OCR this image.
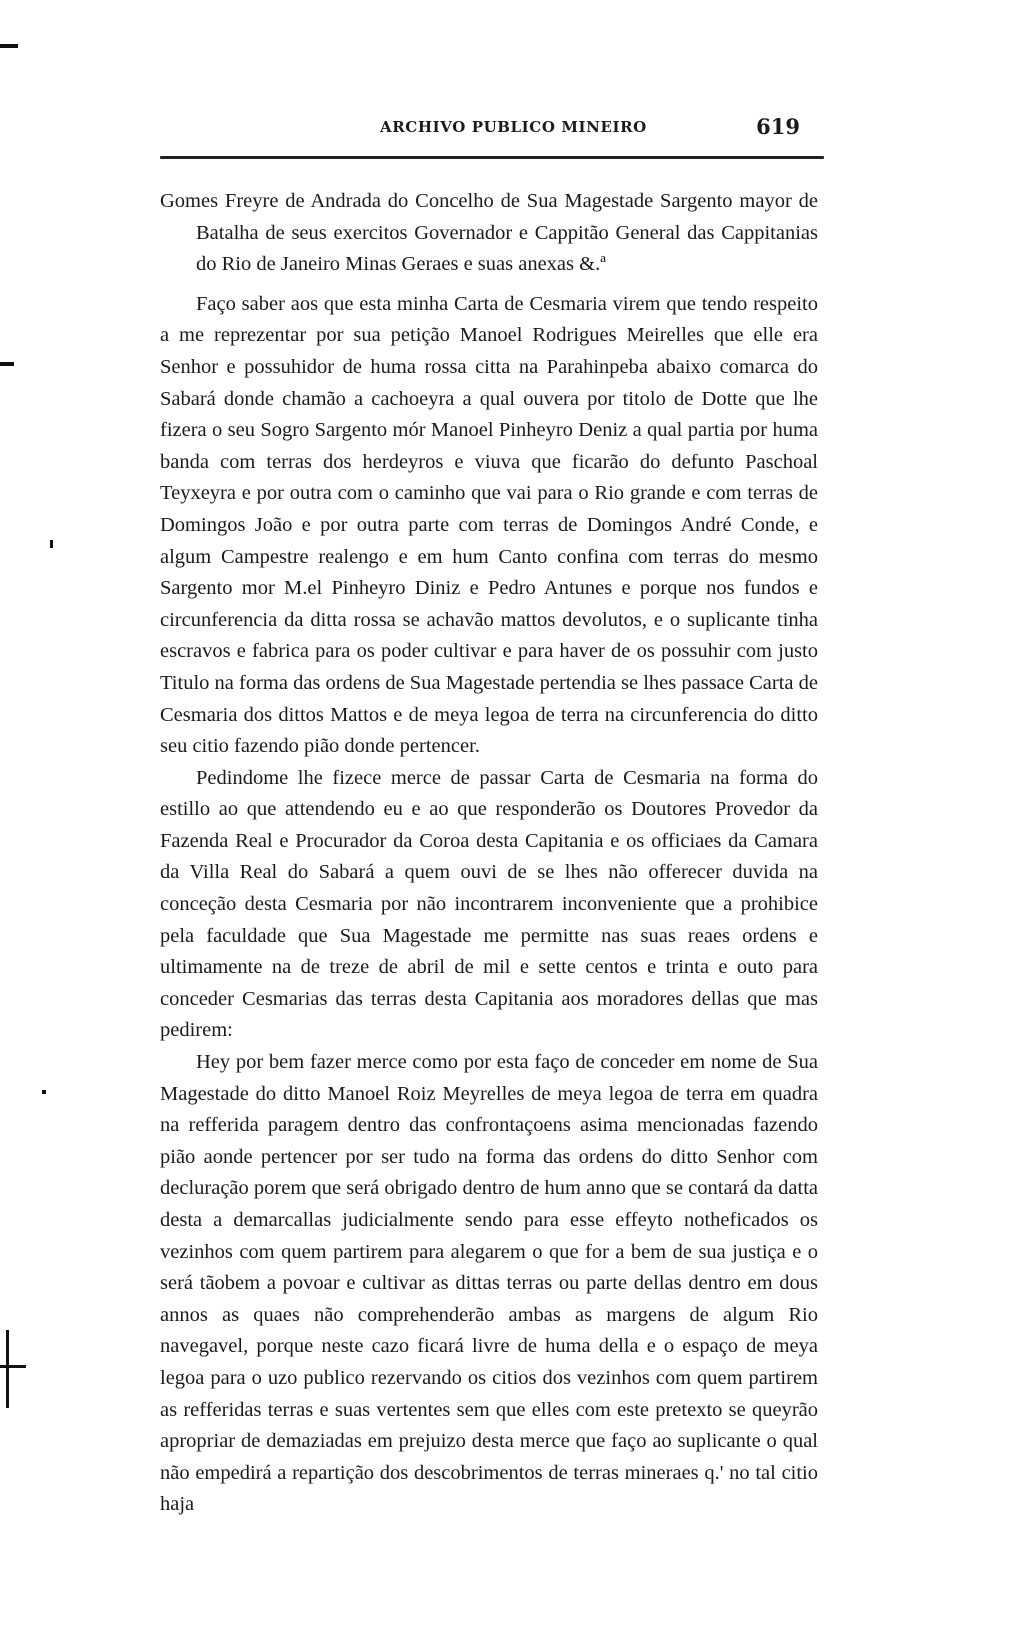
ARCHIVO PUBLICO MINEIRO	619

Gomes Freyre de Andrada do Concelho de Sua Magestade Sargento mayor de Batalha de seus exercitos Governador e Cappitão General das Cappitanias do Rio de Janeiro Minas Geraes e suas anexas &.ª

Faço saber aos que esta minha Carta de Cesmaria virem que tendo respeito a me reprezentar por sua petição Manoel Rodrigues Meirelles que elle era Senhor e possuhidor de huma rossa citta na Parahinpeba abaixo comarca do Sabará donde chamão a cachoeyra a qual ouvera por titolo de Dotte que lhe fizera o seu Sogro Sargento mór Manoel Pinheyro Deniz a qual partia por huma banda com terras dos herdeyros e viuva que ficarão do defunto Paschoal Teyxeyra e por outra com o caminho que vai para o Rio grande e com terras de Domingos João e por outra parte com terras de Domingos André Conde, e algum Campestre realengo e em hum Canto confina com terras do mesmo Sargento mor M.el Pinheyro Diniz e Pedro Antunes e porque nos fundos e circunferencia da ditta rossa se achavão mattos devolutos, e o suplicante tinha escravos e fabrica para os poder cultivar e para haver de os possuhir com justo Titulo na forma das ordens de Sua Magestade pertendia se lhes passace Carta de Cesmaria dos dittos Mattos e de meya legoa de terra na circunferencia do ditto seu citio fazendo pião donde pertencer.

Pedindome lhe fizece merce de passar Carta de Cesmaria na forma do estillo ao que attendendo eu e ao que responderão os Doutores Provedor da Fazenda Real e Procurador da Coroa desta Capitania e os officiaes da Camara da Villa Real do Sabará a quem ouvi de se lhes não offerecer duvida na conceção desta Cesmaria por não incontrarem inconveniente que a prohibice pela faculdade que Sua Magestade me permitte nas suas reaes ordens e ultimamente na de treze de abril de mil e sette centos e trinta e outo para conceder Cesmarias das terras desta Capitania aos moradores dellas que mas pedirem:

Hey por bem fazer merce como por esta faço de conceder em nome de Sua Magestade do ditto Manoel Roiz Meyrelles de meya legoa de terra em quadra na refferida paragem dentro das confrontaçoens asima mencionadas fazendo pião aonde pertencer por ser tudo na forma das ordens do ditto Senhor com decluração porem que será obrigado dentro de hum anno que se contará da datta desta a demarcallas judicialmente sendo para esse effeyto notheficados os vezinhos com quem partirem para alegarem o que for a bem de sua justiça e o será tãobem a povoar e cultivar as dittas terras ou parte dellas dentro em dous annos as quaes não comprehenderão ambas as margens de algum Rio navegavel, porque neste cazo ficará livre de huma della e o espaço de meya legoa para o uzo publico rezervando os citios dos vezinhos com quem partirem as refferidas terras e suas vertentes sem que elles com este pretexto se queyrão apropriar de demaziadas em prejuizo desta merce que faço ao suplicante o qual não empedirá a repartição dos descobrimentos de terras mineraes q.' no tal citio haja
